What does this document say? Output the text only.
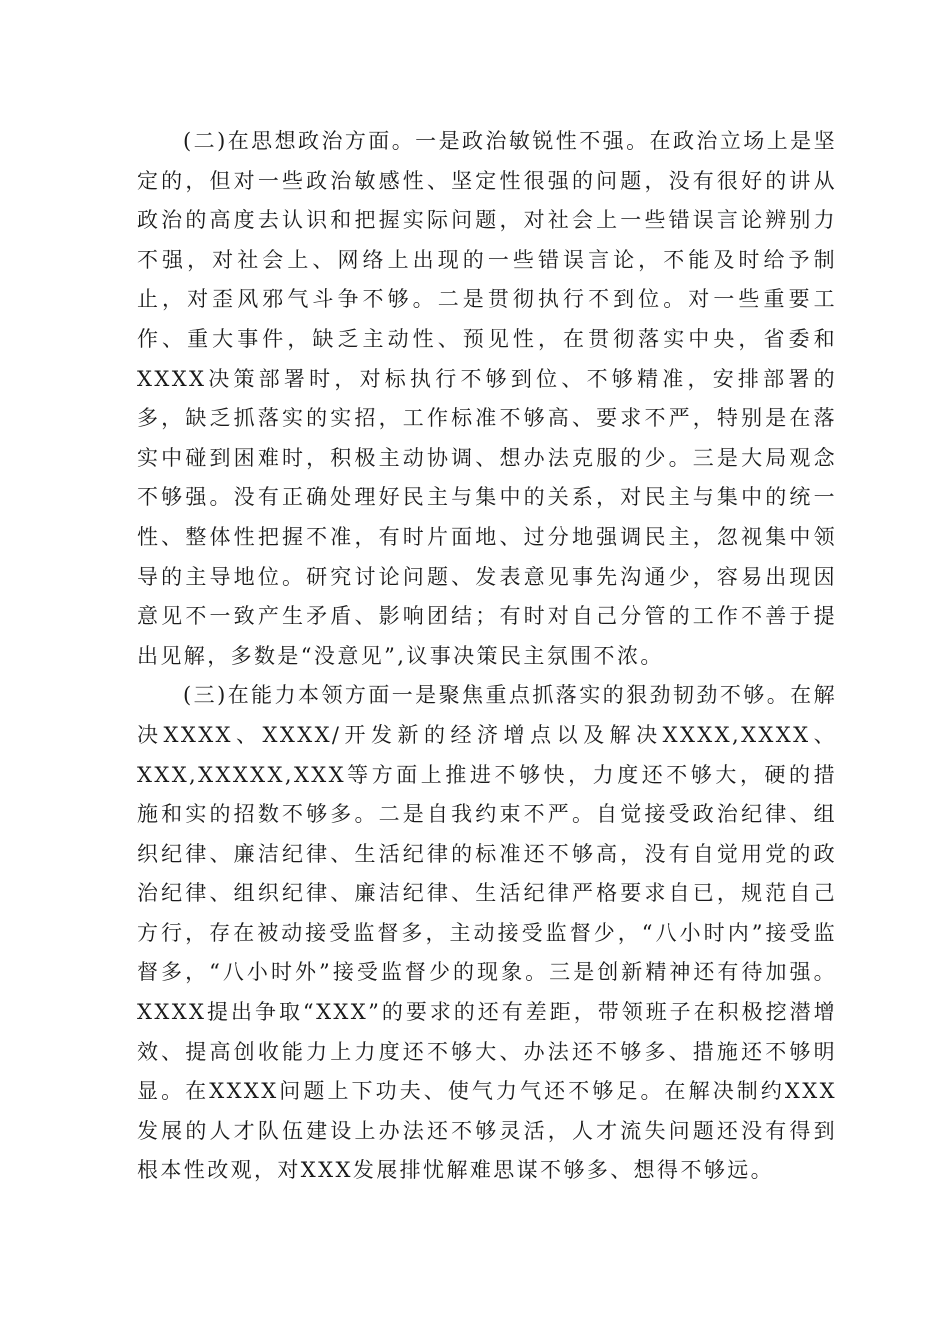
(二)在思想政治方面。一是政治敏锐性不强。在政治立场上是坚定的，但对一些政治敏感性、坚定性很强的问题，没有很好的讲从政治的高度去认识和把握实际问题，对社会上一些错误言论辨别力不强，对社会上、网络上出现的一些错误言论，不能及时给予制止，对歪风邪气斗争不够。二是贯彻执行不到位。对一些重要工作、重大事件，缺乏主动性、预见性，在贯彻落实中央，省委和XXXX决策部署时，对标执行不够到位、不够精准，安排部署的多，缺乏抓落实的实招，工作标准不够高、要求不严，特别是在落实中碰到困难时，积极主动协调、想办法克服的少。三是大局观念不够强。没有正确处理好民主与集中的关系，对民主与集中的统一性、整体性把握不准，有时片面地、过分地强调民主，忽视集中领导的主导地位。研究讨论问题、发表意见事先沟通少，容易出现因意见不一致产生矛盾、影响团结；有时对自己分管的工作不善于提出见解，多数是“没意见”,议事决策民主氛围不浓。

(三)在能力本领方面一是聚焦重点抓落实的狠劲韧劲不够。在解决XXXX、XXXX/开发新的经济增点以及解决XXXX,XXXX、XXX,XXXXX,XXX等方面上推进不够快，力度还不够大，硬的措施和实的招数不够多。二是自我约束不严。自觉接受政治纪律、组织纪律、廉洁纪律、生活纪律的标准还不够高，没有自觉用党的政治纪律、组织纪律、廉洁纪律、生活纪律严格要求自已，规范自己方行，存在被动接受监督多，主动接受监督少，“八小时内”接受监督多，“八小时外”接受监督少的现象。三是创新精神还有待加强。XXXX提出争取“XXX”的要求的还有差距，带领班子在积极挖潜增效、提高创收能力上力度还不够大、办法还不够多、措施还不够明显。在XXXX问题上下功夫、使气力气还不够足。在解决制约XXX发展的人才队伍建设上办法还不够灵活，人才流失问题还没有得到根本性改观，对XXX发展排忧解难思谋不够多、想得不够远。
